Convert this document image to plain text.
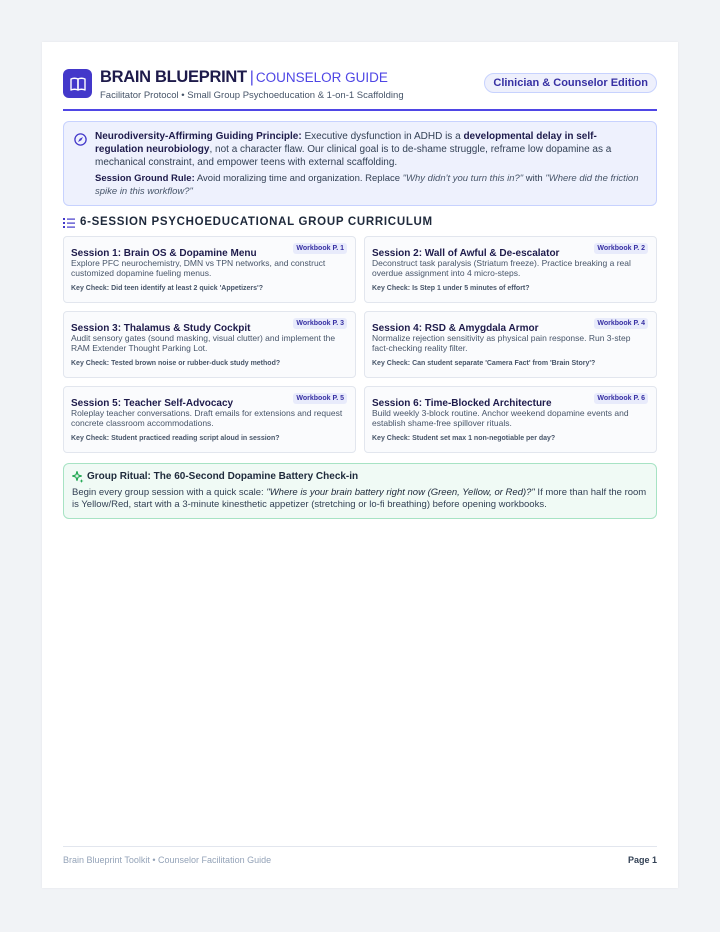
BRAIN BLUEPRINT | COUNSELOR GUIDE
Facilitator Protocol • Small Group Psychoeducation & 1-on-1 Scaffolding
Clinician & Counselor Edition

Neurodiversity-Affirming Guiding Principle: Executive dysfunction in ADHD is a developmental delay in self-regulation neurobiology, not a character flaw. Our clinical goal is to de-shame struggle, reframe low dopamine as a mechanical constraint, and empower teens with external scaffolding.

Session Ground Rule: Avoid moralizing time and organization. Replace "Why didn't you turn this in?" with "Where did the friction spike in this workflow?"

6-SESSION PSYCHOEDUCATIONAL GROUP CURRICULUM
Session 1: Brain OS & Dopamine Menu	Workbook P. 1
Explore PFC neurochemistry, DMN vs TPN networks, and construct customized dopamine fueling menus.
Key Check: Did teen identify at least 2 quick 'Appetizers'?
Session 2: Wall of Awful & De-escalator	Workbook P. 2
Deconstruct task paralysis (Striatum freeze). Practice breaking a real overdue assignment into 4 micro-steps.
Key Check: Is Step 1 under 5 minutes of effort?
Session 3: Thalamus & Study Cockpit	Workbook P. 3
Audit sensory gates (sound masking, visual clutter) and implement the RAM Extender Thought Parking Lot.
Key Check: Tested brown noise or rubber-duck study method?
Session 4: RSD & Amygdala Armor	Workbook P. 4
Normalize rejection sensitivity as physical pain response. Run 3-step fact-checking reality filter.
Key Check: Can student separate 'Camera Fact' from 'Brain Story'?
Session 5: Teacher Self-Advocacy	Workbook P. 5
Roleplay teacher conversations. Draft emails for extensions and request concrete classroom accommodations.
Key Check: Student practiced reading script aloud in session?
Session 6: Time-Blocked Architecture	Workbook P. 6
Build weekly 3-block routine. Anchor weekend dopamine events and establish shame-free spillover rituals.
Key Check: Student set max 1 non-negotiable per day?
Group Ritual: The 60-Second Dopamine Battery Check-in

Begin every group session with a quick scale: "Where is your brain battery right now (Green, Yellow, or Red)?" If more than half the room is Yellow/Red, start with a 3-minute kinesthetic appetizer (stretching or lo-fi breathing) before opening workbooks.

Brain Blueprint Toolkit • Counselor Facilitation Guide	Page 1
